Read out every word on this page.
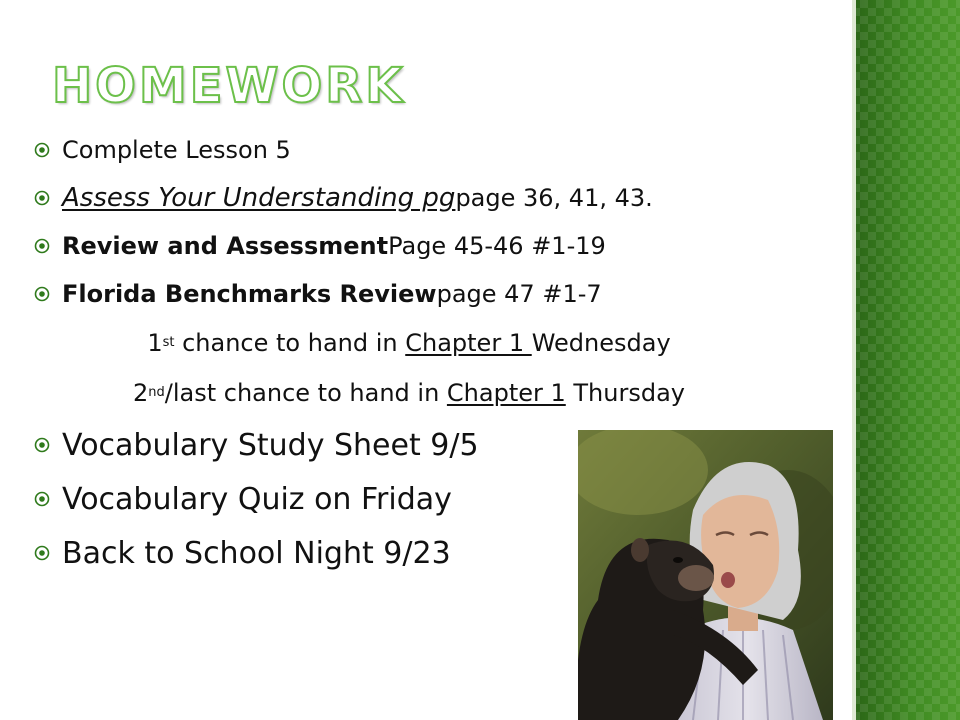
HOMEWORK
Complete Lesson 5
Assess Your Understanding pg page 36, 41, 43.
Review and Assessment Page 45-46 #1-19
Florida Benchmarks Review page 47 #1-7
1 st chance to hand in Chapter 1 Wednesday
2 nd /last chance to hand in Chapter 1 Thursday
Vocabulary Study Sheet 9/5
Vocabulary Quiz on Friday
Back to School Night 9/23
